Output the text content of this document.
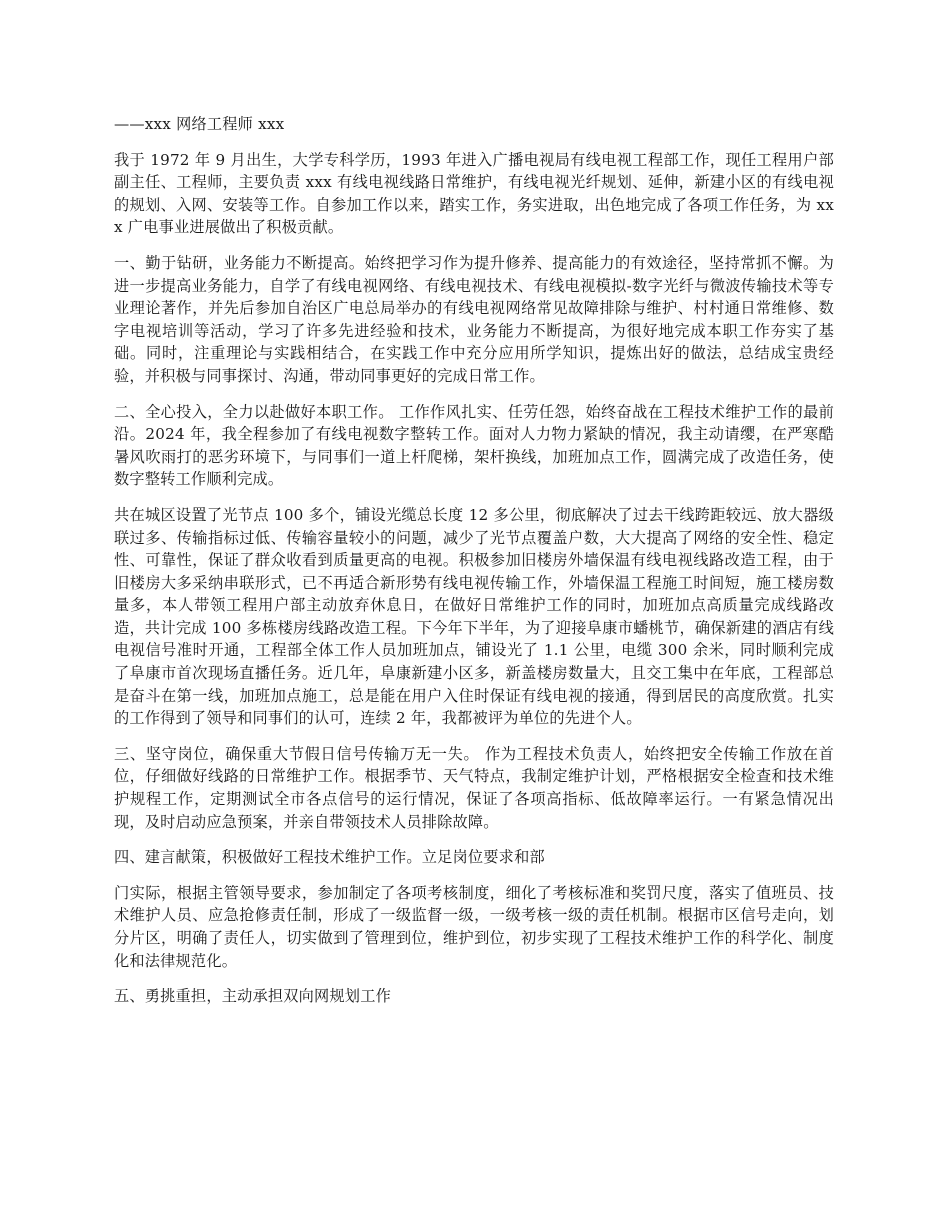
——xxx 网络工程师 xxx

我于 1972 年 9 月出生，大学专科学历，1993 年进入广播电视局有线电视工程部工作，现任工程用户部副主任、工程师，主要负责 xxx 有线电视线路日常维护，有线电视光纤规划、延伸，新建小区的有线电视的规划、入网、安装等工作。自参加工作以来，踏实工作，务实进取，出色地完成了各项工作任务，为 xxx 广电事业进展做出了积极贡献。

一、勤于钻研，业务能力不断提高。始终把学习作为提升修养、提高能力的有效途径，坚持常抓不懈。为进一步提高业务能力，自学了有线电视网络、有线电视技术、有线电视模拟-数字光纤与微波传输技术等专业理论著作，并先后参加自治区广电总局举办的有线电视网络常见故障排除与维护、村村通日常维修、数字电视培训等活动，学习了许多先进经验和技术，业务能力不断提高，为很好地完成本职工作夯实了基础。同时，注重理论与实践相结合，在实践工作中充分应用所学知识，提炼出好的做法，总结成宝贵经验，并积极与同事探讨、沟通，带动同事更好的完成日常工作。

二、全心投入，全力以赴做好本职工作。 工作作风扎实、任劳任怨，始终奋战在工程技术维护工作的最前沿。2024 年，我全程参加了有线电视数字整转工作。面对人力物力紧缺的情况，我主动请缨，在严寒酷暑风吹雨打的恶劣环境下，与同事们一道上杆爬梯，架杆换线，加班加点工作，圆满完成了改造任务，使数字整转工作顺利完成。

共在城区设置了光节点 100 多个，铺设光缆总长度 12 多公里，彻底解决了过去干线跨距较远、放大器级联过多、传输指标过低、传输容量较小的问题，减少了光节点覆盖户数，大大提高了网络的安全性、稳定性、可靠性，保证了群众收看到质量更高的电视。积极参加旧楼房外墙保温有线电视线路改造工程，由于旧楼房大多采纳串联形式，已不再适合新形势有线电视传输工作，外墙保温工程施工时间短，施工楼房数量多，本人带领工程用户部主动放弃休息日，在做好日常维护工作的同时，加班加点高质量完成线路改造，共计完成 100 多栋楼房线路改造工程。下今年下半年，为了迎接阜康市蟠桃节，确保新建的酒店有线电视信号准时开通，工程部全体工作人员加班加点，铺设光了 1.1 公里，电缆 300 余米，同时顺利完成了阜康市首次现场直播任务。近几年，阜康新建小区多，新盖楼房数量大，且交工集中在年底，工程部总是奋斗在第一线，加班加点施工，总是能在用户入住时保证有线电视的接通，得到居民的高度欣赏。扎实的工作得到了领导和同事们的认可，连续 2 年，我都被评为单位的先进个人。

三、坚守岗位，确保重大节假日信号传输万无一失。 作为工程技术负责人，始终把安全传输工作放在首位，仔细做好线路的日常维护工作。根据季节、天气特点，我制定维护计划，严格根据安全检查和技术维护规程工作，定期测试全市各点信号的运行情况，保证了各项高指标、低故障率运行。一有紧急情况出现，及时启动应急预案，并亲自带领技术人员排除故障。

四、建言献策，积极做好工程技术维护工作。立足岗位要求和部

门实际，根据主管领导要求，参加制定了各项考核制度，细化了考核标准和奖罚尺度，落实了值班员、技术维护人员、应急抢修责任制，形成了一级监督一级，一级考核一级的责任机制。根据市区信号走向，划分片区，明确了责任人，切实做到了管理到位，维护到位，初步实现了工程技术维护工作的科学化、制度化和法律规范化。

五、勇挑重担，主动承担双向网规划工作
